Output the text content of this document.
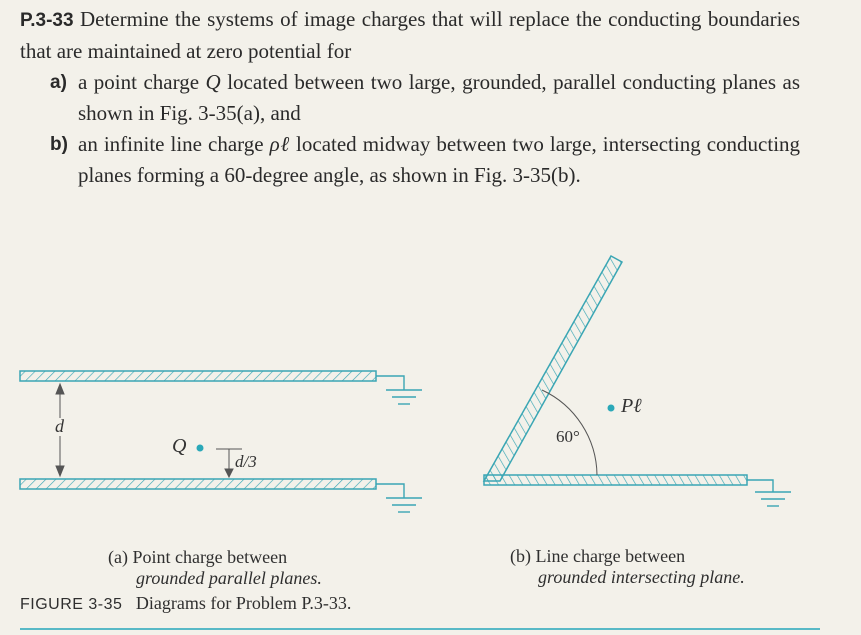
P.3-33 Determine the systems of image charges that will replace the conducting boundaries that are maintained at zero potential for

a) a point charge Q located between two large, grounded, parallel conducting planes as shown in Fig. 3-35(a), and

b) an infinite line charge ρℓ located midway between two large, intersecting conducting planes forming a 60-degree angle, as shown in Fig. 3-35(b).

d
Q
d/3
60°
Pℓ
(a) Point charge between
grounded parallel planes.
(b) Line charge between
grounded intersecting plane.
FIGURE 3-35 Diagrams for Problem P.3-33.
